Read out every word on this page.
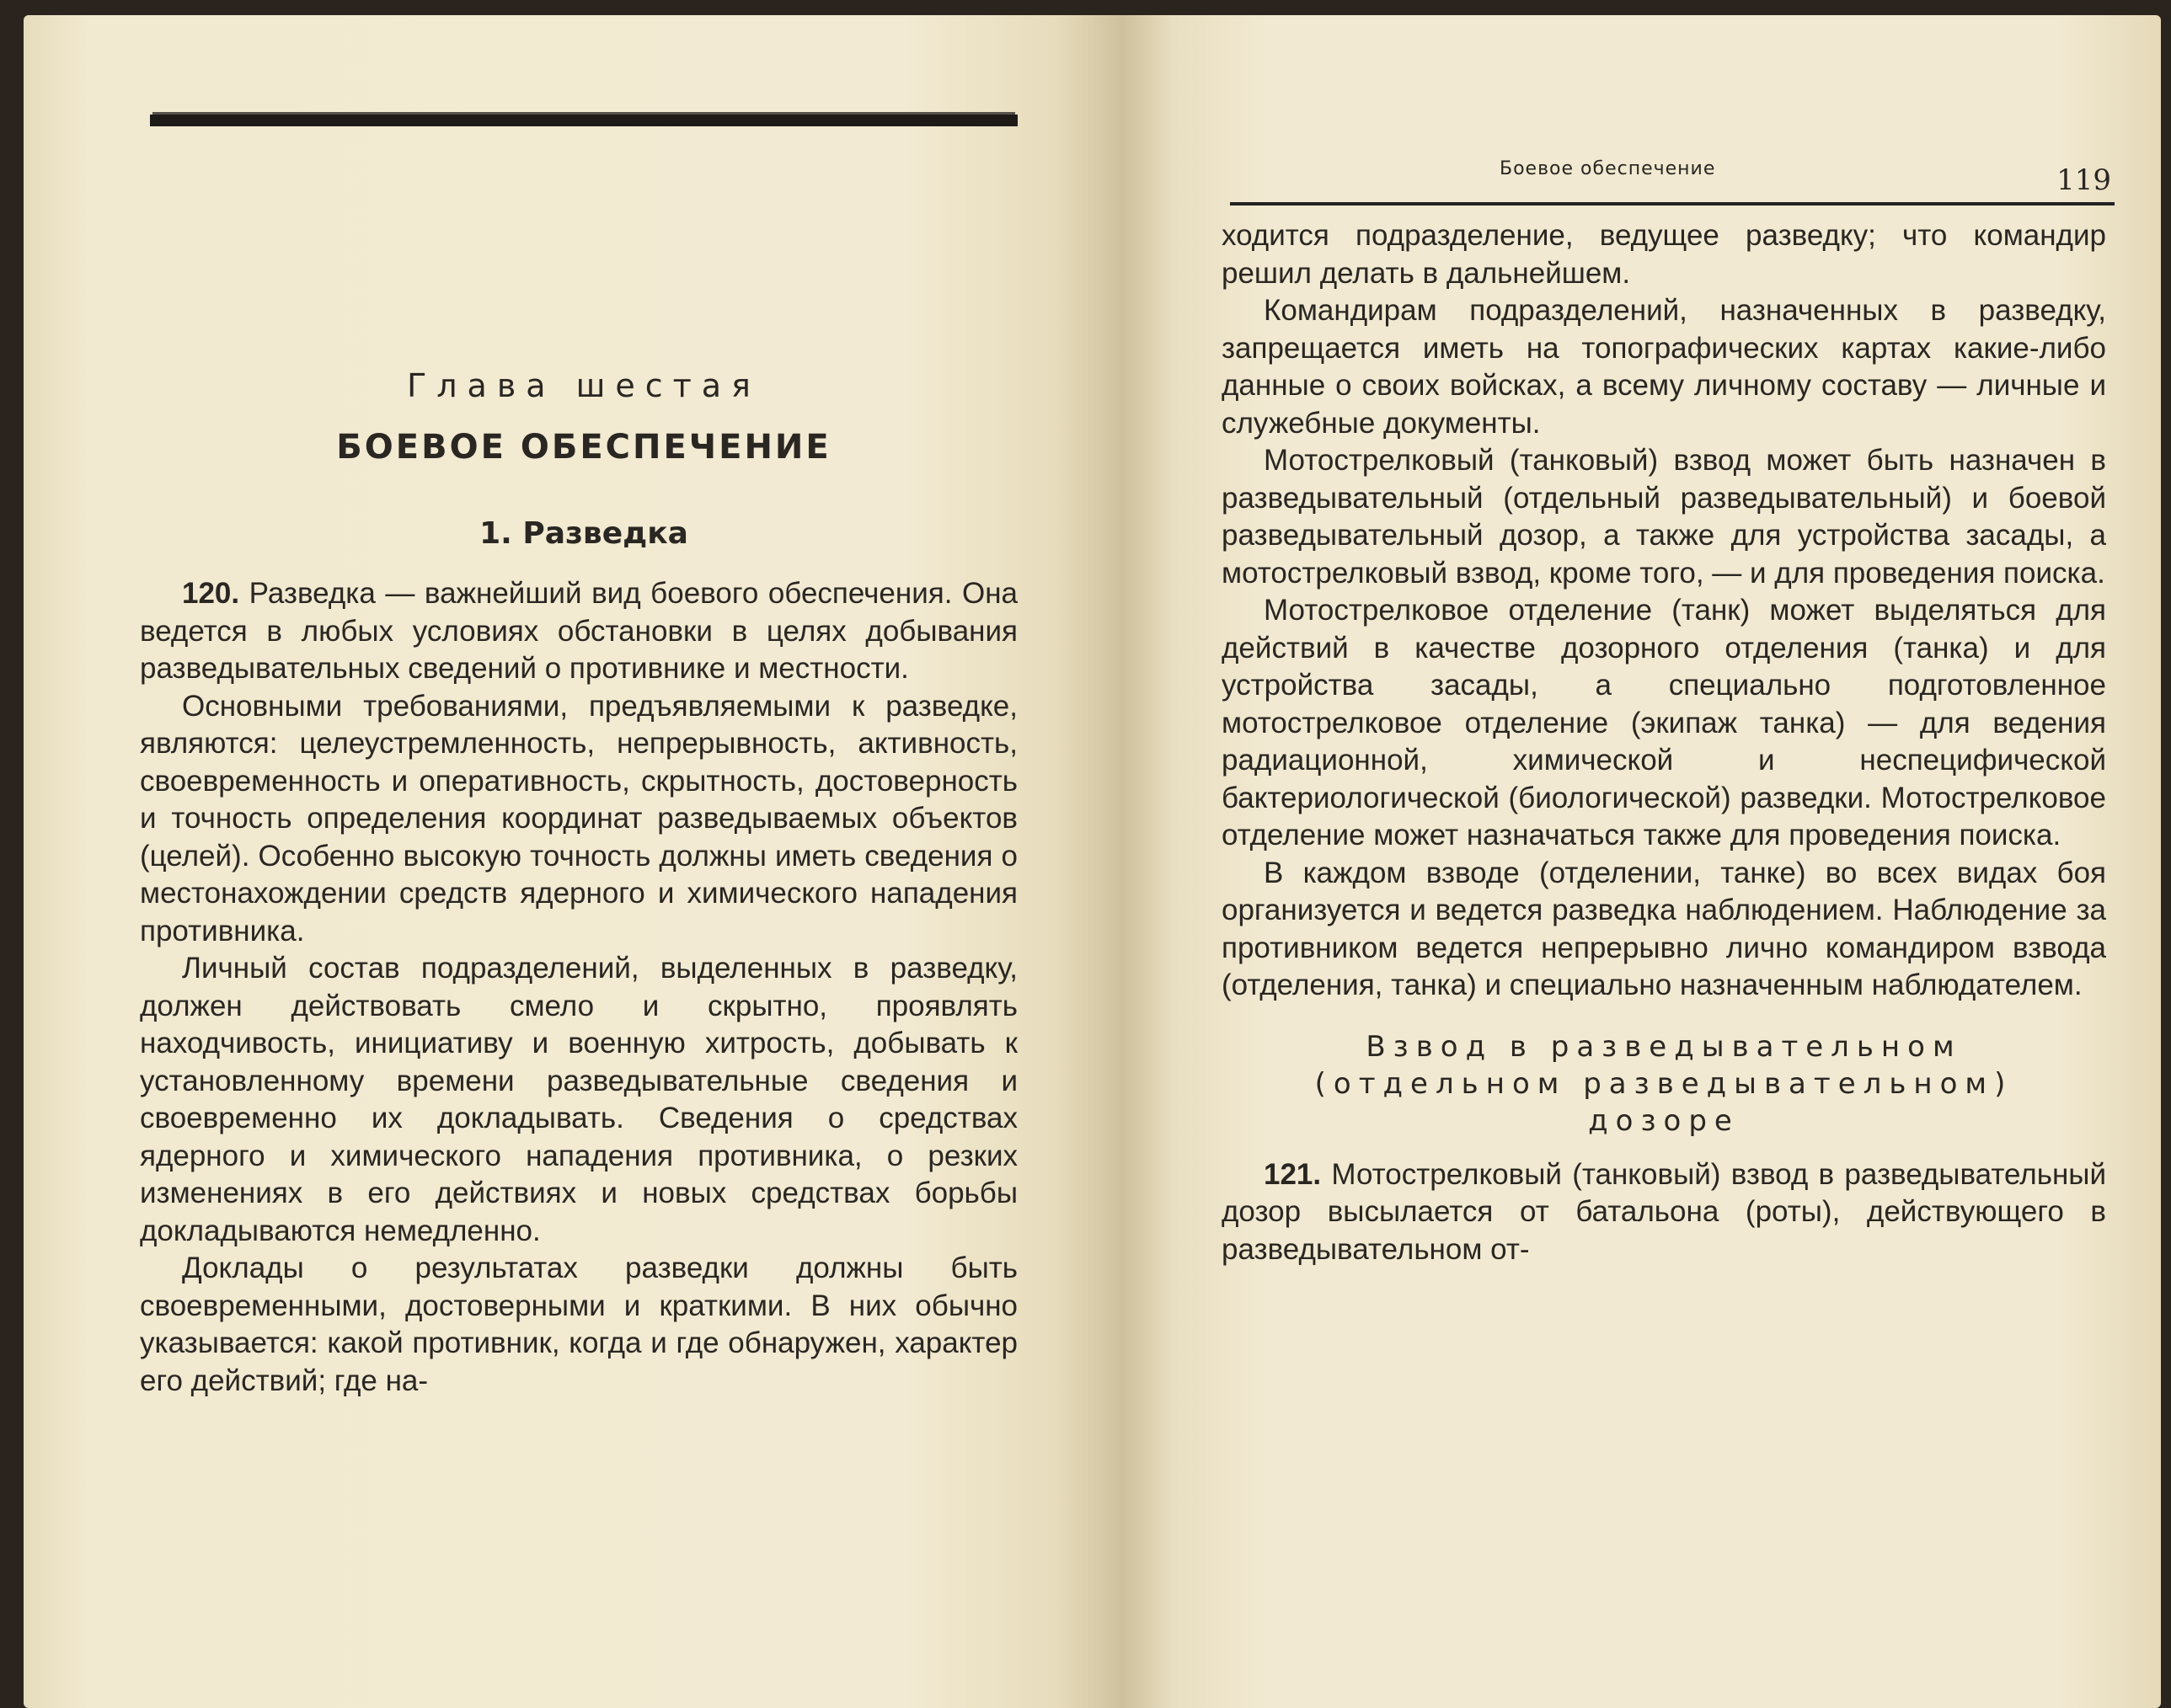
Глава шестая
БОЕВОЕ ОБЕСПЕЧЕНИЕ
1. Разведка

120. Разведка — важнейший вид боевого обеспечения. Она ведется в любых условиях обстановки в целях добывания разведывательных сведений о противнике и местности.

Основными требованиями, предъявляемыми к разведке, являются: целеустремленность, непрерывность, активность, своевременность и оперативность, скрытность, достоверность и точность определения координат разведываемых объектов (целей). Особенно высокую точность должны иметь сведения о местонахождении средств ядерного и химического нападения противника.

Личный состав подразделений, выделенных в разведку, должен действовать смело и скрытно, проявлять находчивость, инициативу и военную хитрость, добывать к установленному времени разведывательные сведения и своевременно их докладывать. Сведения о средствах ядерного и химического нападения противника, о резких изменениях в его действиях и новых средствах борьбы докладываются немедленно.

Доклады о результатах разведки должны быть своевременными, достоверными и краткими. В них обычно указывается: какой противник, когда и где обнаружен, характер его действий; где на-

Боевое обеспечение	119

ходится подразделение, ведущее разведку; что командир решил делать в дальнейшем.

Командирам подразделений, назначенных в разведку, запрещается иметь на топографических картах какие-либо данные о своих войсках, а всему личному составу — личные и служебные документы.

Мотострелковый (танковый) взвод может быть назначен в разведывательный (отдельный разведывательный) и боевой разведывательный дозор, а также для устройства засады, а мотострелковый взвод, кроме того, — и для проведения поиска.

Мотострелковое отделение (танк) может выделяться для действий в качестве дозорного отделения (танка) и для устройства засады, а специально подготовленное мотострелковое отделение (экипаж танка) — для ведения радиационной, химической и неспецифической бактериологической (биологической) разведки. Мотострелковое отделение может назначаться также для проведения поиска.

В каждом взводе (отделении, танке) во всех видах боя организуется и ведется разведка наблюдением. Наблюдение за противником ведется непрерывно лично командиром взвода (отделения, танка) и специально назначенным наблюдателем.

Взвод в разведывательном
(отдельном разведывательном)
дозоре

121. Мотострелковый (танковый) взвод в разведывательный дозор высылается от батальона (роты), действующего в разведывательном от-
